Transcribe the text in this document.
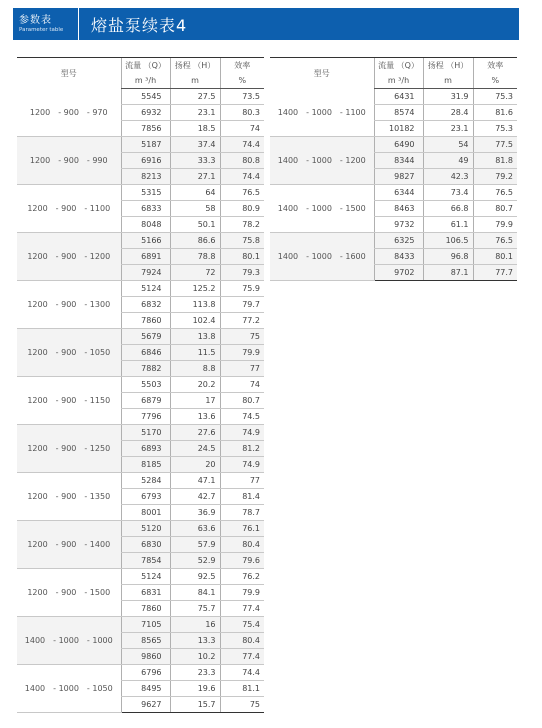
参数表
Parameter table	熔盐泵续表4
型号	流量 （Q）	扬程 （H）	效率
	m ³/h	m	%
1200　- 900　- 970	5545	27.5	73.5
	6932	23.1	80.3
	7856	18.5	74
1200　- 900　- 990	5187	37.4	74.4
	6916	33.3	80.8
	8213	27.1	74.4
1200　- 900　- 1100	5315	64	76.5
	6833	58	80.9
	8048	50.1	78.2
1200　- 900　- 1200	5166	86.6	75.8
	6891	78.8	80.1
	7924	72	79.3
1200　- 900　- 1300	5124	125.2	75.9
	6832	113.8	79.7
	7860	102.4	77.2
1200　- 900　- 1050	5679	13.8	75
	6846	11.5	79.9
	7882	8.8	77
1200　- 900　- 1150	5503	20.2	74
	6879	17	80.7
	7796	13.6	74.5
1200　- 900　- 1250	5170	27.6	74.9
	6893	24.5	81.2
	8185	20	74.9
1200　- 900　- 1350	5284	47.1	77
	6793	42.7	81.4
	8001	36.9	78.7
1200　- 900　- 1400	5120	63.6	76.1
	6830	57.9	80.4
	7854	52.9	79.6
1200　- 900　- 1500	5124	92.5	76.2
	6831	84.1	79.9
	7860	75.7	77.4
1400　- 1000　- 1000	7105	16	75.4
	8565	13.3	80.4
	9860	10.2	77.4
1400　- 1000　- 1050	6796	23.3	74.4
	8495	19.6	81.1
	9627	15.7	75
型号	流量 （Q）	扬程 （H）	效率
	m ³/h	m	%
1400　- 1000　- 1100	6431	31.9	75.3
	8574	28.4	81.6
	10182	23.1	75.3
1400　- 1000　- 1200	6490	54	77.5
	8344	49	81.8
	9827	42.3	79.2
1400　- 1000　- 1500	6344	73.4	76.5
	8463	66.8	80.7
	9732	61.1	79.9
1400　- 1000　- 1600	6325	106.5	76.5
	8433	96.8	80.1
	9702	87.1	77.7
